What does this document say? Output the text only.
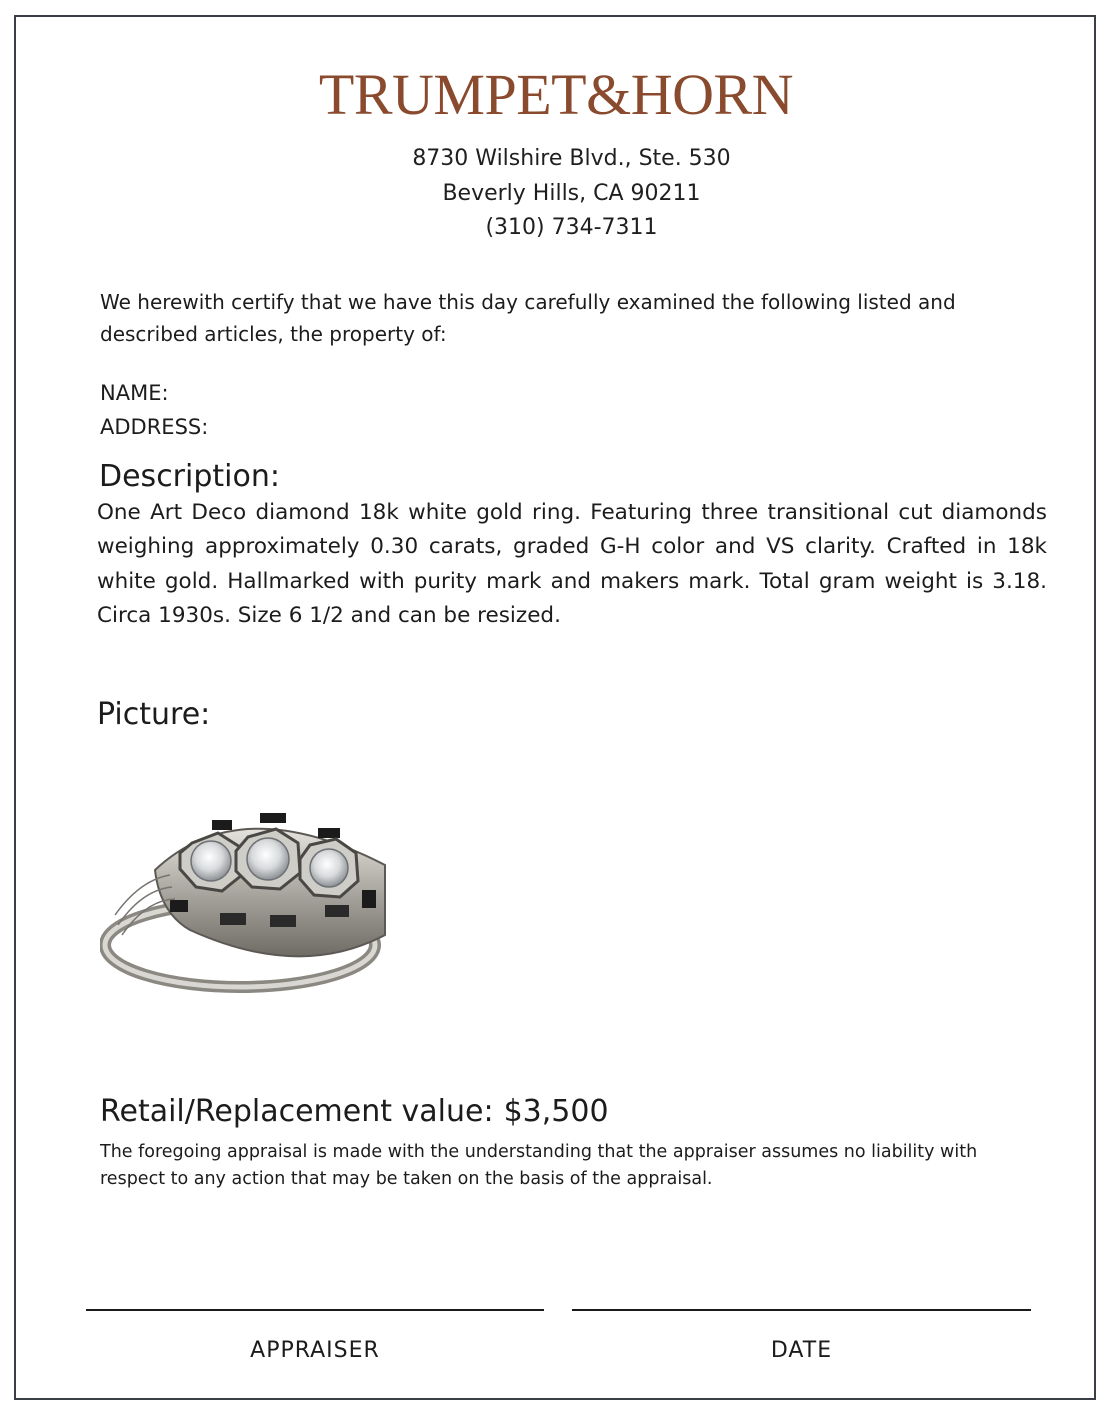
TRUMPET&HORN
8730 Wilshire Blvd., Ste. 530
Beverly Hills, CA 90211
(310) 734-7311
We herewith certify that we have this day carefully examined the following listed and described articles, the property of:
NAME:
ADDRESS:
Description:
One Art Deco diamond 18k white gold ring. Featuring three transitional cut diamonds weighing approximately 0.30 carats, graded G-H color and VS clarity. Crafted in 18k white gold. Hallmarked with purity mark and makers mark. Total gram weight is 3.18. Circa 1930s. Size 6 1/2 and can be resized.
Picture:
Retail/Replacement value: $3,500
The foregoing appraisal is made with the understanding that the appraiser assumes no liability with respect to any action that may be taken on the basis of the appraisal.
APPRAISER	DATE
